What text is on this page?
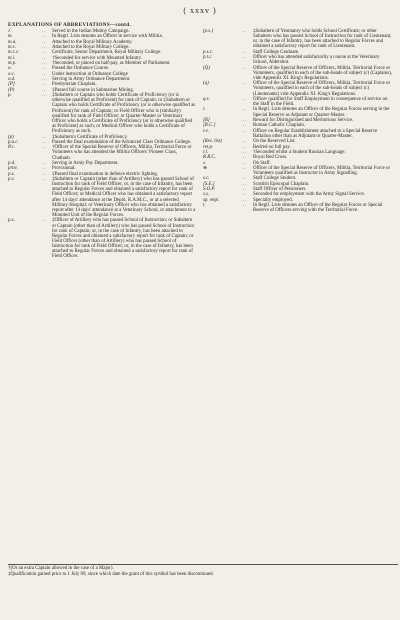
( xxxv )
EXPLANATIONS OF ABBREVIATIONS—contd.
ⅈ	..	Served in the Indian Mutiny Campaign.
m.	..	In Regtl. Lists denotes an Officer in service with Militia.
m.a.	..	Attached to the Royal Military Academy.
m.c.	..	Attached to the Royal Military College.
m.c.c.	..	Certificate, Senior Department, Royal Military College.
m.i.	..	†Seconded for service with Mounted Infantry.
m.p.	..	†Seconded, or placed on half-pay, as Member of Parliament.
o.	..	Passed the Ordnance Course.
o.c.	..	Under instruction at Ordnance College
o.d.	..	Serving in Army Ordnance Department.
[P]	..	Presbyterian Chaplain.
(P)	..	‡Passed full course in Submarine Mining.
p.	..	‡Subaltern or Captain who holds Certificate of Proficiency (or is otherwise qualified as Proficient) for rank of Captain; or ‡Subaltern or Captain who holds Certificate of Proficiency (or is otherwise qualified as Proficient) for rank of Captain; or Field Officer who is (similarly) qualified for rank of Field Officer; or Quarter-Master or Veterinary Officer who holds a Certificate of Proficiency (or is otherwise qualified as Proficient) as such; or Medical Officer who holds a Certificate of Proficiency as such.
(p)	..	‡Subaltern's Certificate of Proficiency.
p.a.c.	..	Passed the final examination of the Advanced Class Ordnance College.
P.c.	..	†Officer of the Special Reserve of Officers, Militia, Territorial Force or Volunteers who has attended the Militia Officers' Pioneer Class, Chatham.
p.d.	..	Serving in Army Pay Department.
prov.	..	Provisional.
p.s.	..	‡Passed final examination in defence electric lighting.
p.s.	..	‡Subaltern or Captain (other than of Artillery) who has passed School of Instruction for rank of Field Officer, or, in the case of Infantry, has been attached to Regular Forces and obtained a satisfactory report for rank of Field Officer; or Medical Officer who has obtained a satisfactory report after 14 days' attendance at the Depôt, R.A.M.C., or at a selected Military Hospital; or Veterinary Officer who has obtained a satisfactory report after 14 days' attendance at a Veterinary School, or attachment to a Mounted Unit of the Regular Forces.
p.s.	..	‡Officer of Artillery who has passed School of Instruction; or Subaltern or Captain (other than of Artillery) who has passed School of Instruction for rank of Captain; or, in the case of Infantry, has been attached to Regular Forces and obtained a satisfactory report for rank of Captain; or Field Officer (other than of Artillery) who has passed School of Instruction for rank of Field Officer; or, in the case of Infantry, has been attached to Regular Forces and obtained a satisfactory report for rank of Field Officer.
(p.s.)	..	‡Subaltern of Yeomanry who holds School Certificate; or other Subaltern who has passed School of Instruction for rank of Lieutenant, or, in the case of Infantry, has been attached to Regular Forces and obtained a satisfactory report for rank of Lieutenant.
p.s.c.	..	Staff College Graduate.
p.t.c.	..	Officer who has attended satisfactorily a course at the Veterinary School, Aldershot.
(Q)	..	Officer of the Special Reserve of Officers, Militia, Territorial Force or Volunteers, qualified in each of the sub-heads of subject (c) (Captains), vide Appendix XI. King's Regulations.
(q)	..	Officer of the Special Reserve of Officers, Militia, Territorial Force or Volunteers, qualified in each of the sub-heads of subject (c) (Lieutenants) vide Appendix XI. King's Regulations.
q.s.	..	Officer qualified for Staff Employment in consequence of service on the Staff in the Field.
r.	..	In Regtl. Lists denotes an Officer of the Regular Forces serving in the Special Reserve as Adjutant or Quarter-Master.
[R]	..	Reward for Distinguished and Meritorious Service.
[R.C.]	..	Roman Catholic Chaplain.
r.e.	..	Officer on Regular Establishment attached to a Special Reserve Battalion other than as Adjutant or Quarter-Master.
(Res. list)	..	On the Reserved List.
ret.p.	..	Retired on full pay.
r.l.	..	†Seconded whilst a Student Russian Language.
R.R.C.	..	Royal Red Cross.
s.	..	On Staff.
⊛	..	Officer of the Special Reserve of Officers, Militia, Territorial Force or Volunteers qualified as Instructor in Army Signalling.
s.c.	..	Staff College Student.
[S.E.]	..	Scottish Episcopal Chaplain.
S.O.P.	..	Staff Officer of Pensioners.
s.s.	..	Seconded for employment with the Army Signal Service.
sp. emp.	..	Specially employed.
t.	..	In Regtl. Lists denotes an Officer of the Regular Forces or Special Reserve of Officers serving with the Territorial Force.
†(Or an extra Captain allowed in the case of a Major).
‡Qualification gained prior to 1 July 09, since which date the grant of this symbol has been discontinued.
